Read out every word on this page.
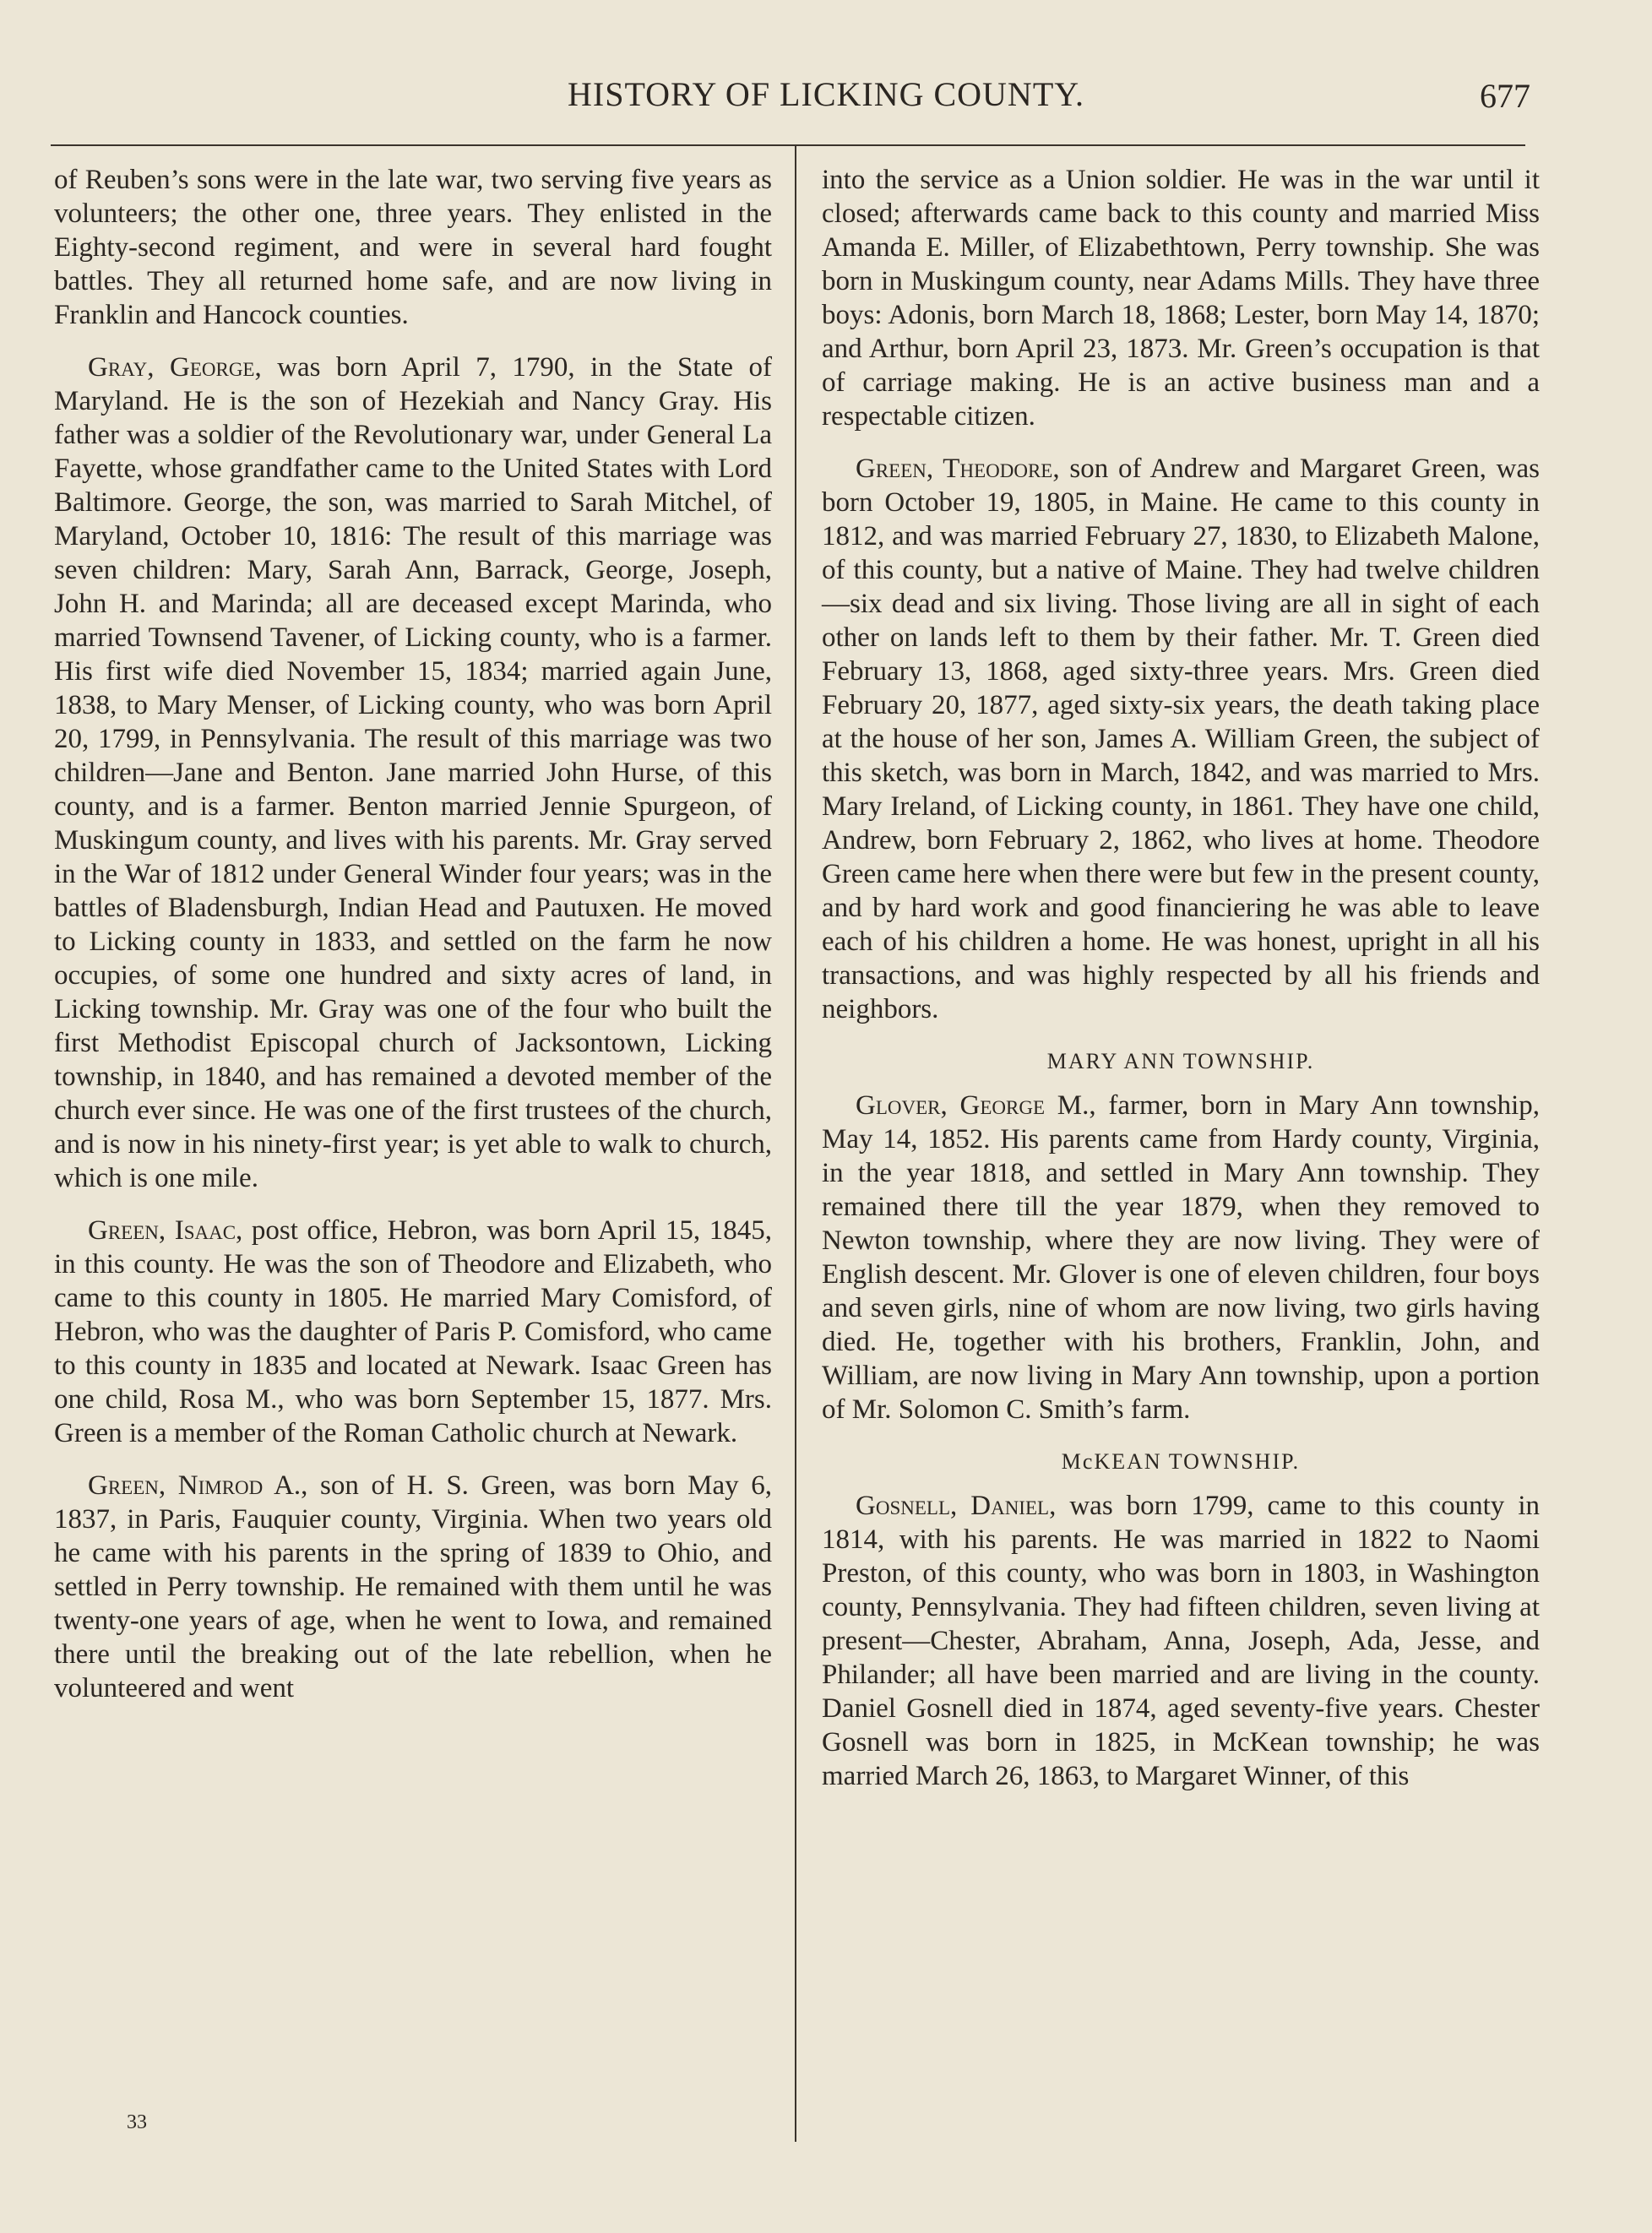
HISTORY OF LICKING COUNTY.	677

of Reuben’s sons were in the late war, two serving five years as volunteers; the other one, three years. They enlisted in the Eighty-second regiment, and were in several hard fought battles. They all returned home safe, and are now living in Franklin and Hancock counties.

Gray, George, was born April 7, 1790, in the State of Maryland. He is the son of Hezekiah and Nancy Gray. His father was a soldier of the Revolutionary war, under General La Fayette, whose grandfather came to the United States with Lord Baltimore. George, the son, was married to Sarah Mitchel, of Maryland, October 10, 1816: The result of this marriage was seven children: Mary, Sarah Ann, Barrack, George, Joseph, John H. and Marinda; all are deceased except Marinda, who married Townsend Tavener, of Licking county, who is a farmer. His first wife died November 15, 1834; married again June, 1838, to Mary Menser, of Licking county, who was born April 20, 1799, in Pennsylvania. The result of this marriage was two children—Jane and Benton. Jane married John Hurse, of this county, and is a farmer. Benton married Jennie Spurgeon, of Muskingum county, and lives with his parents. Mr. Gray served in the War of 1812 under General Winder four years; was in the battles of Bladensburgh, Indian Head and Pautuxen. He moved to Licking county in 1833, and settled on the farm he now occupies, of some one hundred and sixty acres of land, in Licking township. Mr. Gray was one of the four who built the first Methodist Episcopal church of Jacksontown, Licking township, in 1840, and has remained a devoted member of the church ever since. He was one of the first trustees of the church, and is now in his ninety-first year; is yet able to walk to church, which is one mile.

Green, Isaac, post office, Hebron, was born April 15, 1845, in this county. He was the son of Theodore and Elizabeth, who came to this county in 1805. He married Mary Comisford, of Hebron, who was the daughter of Paris P. Comisford, who came to this county in 1835 and located at Newark. Isaac Green has one child, Rosa M., who was born September 15, 1877. Mrs. Green is a member of the Roman Catholic church at Newark.

Green, Nimrod A., son of H. S. Green, was born May 6, 1837, in Paris, Fauquier county, Virginia. When two years old he came with his parents in the spring of 1839 to Ohio, and settled in Perry township. He remained with them until he was twenty-one years of age, when he went to Iowa, and remained there until the breaking out of the late rebellion, when he volunteered and went

into the service as a Union soldier. He was in the war until it closed; afterwards came back to this county and married Miss Amanda E. Miller, of Elizabethtown, Perry township. She was born in Muskingum county, near Adams Mills. They have three boys: Adonis, born March 18, 1868; Lester, born May 14, 1870; and Arthur, born April 23, 1873. Mr. Green’s occupation is that of carriage making. He is an active business man and a respectable citizen.

Green, Theodore, son of Andrew and Margaret Green, was born October 19, 1805, in Maine. He came to this county in 1812, and was married February 27, 1830, to Elizabeth Malone, of this county, but a native of Maine. They had twelve children—six dead and six living. Those living are all in sight of each other on lands left to them by their father. Mr. T. Green died February 13, 1868, aged sixty-three years. Mrs. Green died February 20, 1877, aged sixty-six years, the death taking place at the house of her son, James A. William Green, the subject of this sketch, was born in March, 1842, and was married to Mrs. Mary Ireland, of Licking county, in 1861. They have one child, Andrew, born February 2, 1862, who lives at home. Theodore Green came here when there were but few in the present county, and by hard work and good financiering he was able to leave each of his children a home. He was honest, upright in all his transactions, and was highly respected by all his friends and neighbors.

MARY ANN TOWNSHIP.

Glover, George M., farmer, born in Mary Ann township, May 14, 1852. His parents came from Hardy county, Virginia, in the year 1818, and settled in Mary Ann township. They remained there till the year 1879, when they removed to Newton township, where they are now living. They were of English descent. Mr. Glover is one of eleven children, four boys and seven girls, nine of whom are now living, two girls having died. He, together with his brothers, Franklin, John, and William, are now living in Mary Ann township, upon a portion of Mr. Solomon C. Smith’s farm.

McKEAN TOWNSHIP.

Gosnell, Daniel, was born 1799, came to this county in 1814, with his parents. He was married in 1822 to Naomi Preston, of this county, who was born in 1803, in Washington county, Pennsylvania. They had fifteen children, seven living at present—Chester, Abraham, Anna, Joseph, Ada, Jesse, and Philander; all have been married and are living in the county. Daniel Gosnell died in 1874, aged seventy-five years. Chester Gosnell was born in 1825, in McKean township; he was married March 26, 1863, to Margaret Winner, of this

33
